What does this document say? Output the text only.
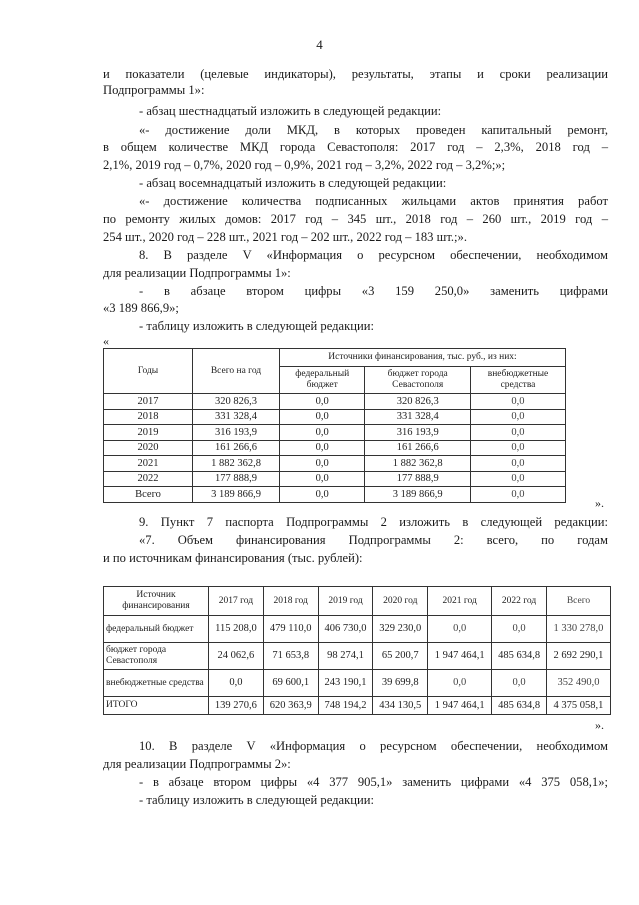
4
и показатели (целевые индикаторы), результаты, этапы и сроки реализации
Подпрограммы 1»:
- абзац шестнадцатый изложить в следующей редакции:
«- достижение доли МКД, в которых проведен капитальный ремонт,
в общем количестве МКД города Севастополя: 2017 год – 2,3%, 2018 год –
2,1%, 2019 год – 0,7%, 2020 год – 0,9%, 2021 год – 3,2%, 2022 год – 3,2%;»;
- абзац восемнадцатый изложить в следующей редакции:
«- достижение количества подписанных жильцами актов принятия работ
по ремонту жилых домов: 2017 год – 345 шт., 2018 год – 260 шт., 2019 год –
254 шт., 2020 год – 228 шт., 2021 год – 202 шт., 2022 год – 183 шт.;».
8. В разделе V «Информация о ресурсном обеспечении, необходимом
для реализации Подпрограммы 1»:
- в абзаце втором цифры «3 159 250,0» заменить цифрами
«3 189 866,9»;
- таблицу изложить в следующей редакции:
«
Годы	Всего на год	Источники финансирования, тыс. руб., из них:		
		федеральный бюджет	бюджет города Севастополя	внебюджетные средства
2017	320 826,3	0,0	320 826,3	0,0
2018	331 328,4	0,0	331 328,4	0,0
2019	316 193,9	0,0	316 193,9	0,0
2020	161 266,6	0,0	161 266,6	0,0
2021	1 882 362,8	0,0	1 882 362,8	0,0
2022	177 888,9	0,0	177 888,9	0,0
Всего	3 189 866,9	0,0	3 189 866,9	0,0
».
9. Пункт 7 паспорта Подпрограммы 2 изложить в следующей редакции:
«7. Объем финансирования Подпрограммы 2: всего, по годам
и по источникам финансирования (тыс. рублей):
Источник финансирования	2017 год	2018 год	2019 год	2020 год	2021 год	2022 год	Всего
федеральный бюджет	115 208,0	479 110,0	406 730,0	329 230,0	0,0	0,0	1 330 278,0
бюджет города Севастополя	24 062,6	71 653,8	98 274,1	65 200,7	1 947 464,1	485 634,8	2 692 290,1
внебюджетные средства	0,0	69 600,1	243 190,1	39 699,8	0,0	0,0	352 490,0
ИТОГО	139 270,6	620 363,9	748 194,2	434 130,5	1 947 464,1	485 634,8	4 375 058,1
».
10. В разделе V «Информация о ресурсном обеспечении, необходимом
для реализации Подпрограммы 2»:
- в абзаце втором цифры «4 377 905,1» заменить цифрами «4 375 058,1»;
- таблицу изложить в следующей редакции:
